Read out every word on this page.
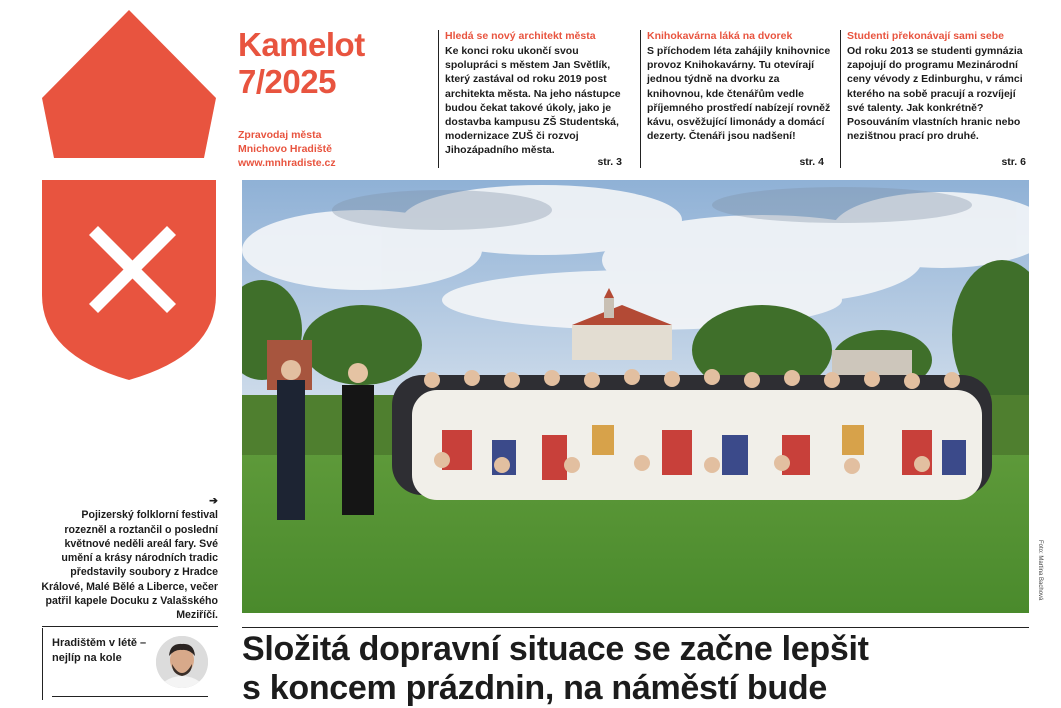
Kamelot
7/2025
Zpravodaj města
Mnichovo Hradiště
www.mnhradiste.cz
Hledá se nový architekt města
Ke konci roku ukončí svou spolupráci s městem Jan Světlík, který zastával od roku 2019 post architekta města. Na jeho nástupce budou čekat takové úkoly, jako je dostavba kampusu ZŠ Studentská, modernizace ZUŠ či rozvoj Jihozápadního města.
str. 3
Knihokavárna láká na dvorek
S příchodem léta zahájily knihovnice provoz Knihokavárny. Tu otevírají jednou týdně na dvorku za knihovnou, kde čtenářům vedle příjemného prostředí nabízejí rovněž kávu, osvěžující limonády a domácí dezerty. Čtenáři jsou nadšení!
str. 4
Studenti překonávají sami sebe
Od roku 2013 se studenti gymnázia zapojují do programu Mezinárodní ceny vévody z Edinburghu, v rámci kterého na sobě pracují a rozvíjejí své talenty. Jak konkrétně? Posouváním vlastních hranic nebo nezištnou prací pro druhé.
str. 6
Foto: Martina Bachová
➔
Pojizerský folklorní festival rozezněl a roztančil o poslední květnové neděli areál fary. Své umění a krásy národních tradic představily soubory z Hradce Králové, Malé Bělé a Liberce, večer patřil kapele Docuku z Valašského Meziříčí.
Hradištěm v létě – nejlíp na kole	Složitá dopravní situace se začne lepšit
s koncem prázdnin, na náměstí bude
